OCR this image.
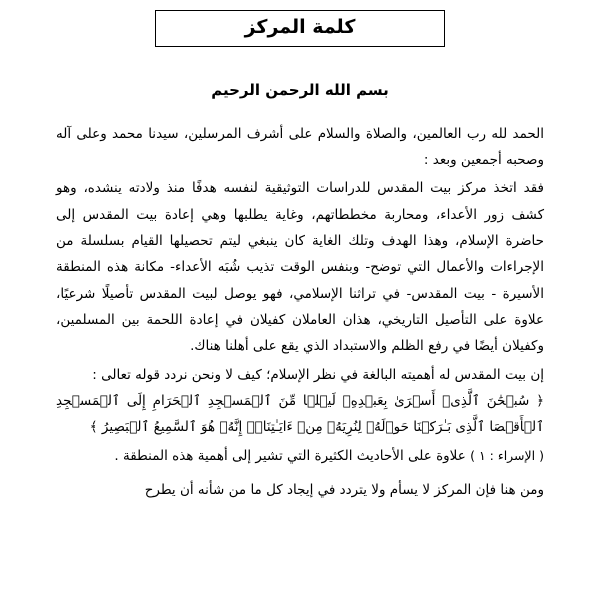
كلمة المركز
بسم الله الرحمن الرحيم

الحمد لله رب العالمين، والصلاة والسلام على أشرف المرسلين، سيدنا محمد وعلى آله وصحبه أجمعين وبعد :

فقد اتخذ مركز بيت المقدس للدراسات التوثيقية لنفسه هدفًا منذ ولادته ينشده، وهو كشف زور الأعداء، ومحاربة مخططاتهم، وغاية يطلبها وهي إعادة بيت المقدس إلى حاضرة الإسلام، وهذا الهدف وتلك الغاية كان ينبغي ليتم تحصيلها القيام بسلسلة من الإجراءات والأعمال التي توضح- وبنفس الوقت تذيب شُبَه الأعداء- مكانة هذه المنطقة الأسيرة - بيت المقدس- في تراثنا الإسلامي، فهو يوصل لبيت المقدس تأصيلًا شرعيًا، علاوة على التأصيل التاريخي، هذان العاملان كفيلان في إعادة اللحمة بين المسلمين، وكفيلان أيضًا في رفع الظلم والاستبداد الذي يقع على أهلنا هناك.

إن بيت المقدس له أهميته البالغة في نظر الإسلام؛ كيف لا ونحن نردد قوله تعالى :

﴿ سُبۡحَٰنَ ٱلَّذِیۤ أَسۡرَىٰ بِعَبۡدِهِۦ لَیۡلࣰا مِّنَ ٱلۡمَسۡجِدِ ٱلۡحَرَامِ إِلَى ٱلۡمَسۡجِدِ ٱلۡأَقۡصَا ٱلَّذِی بَـٰرَكۡنَا حَوۡلَهُۥ لِنُرِیَهُۥ مِنۡ ءَایَـٰتِنَاۤۚ إِنَّهُۥ هُوَ ٱلسَّمِیعُ ٱلۡبَصِیرُ ﴾

( الإسراء : ١ ) علاوة على الأحاديث الكثيرة التي تشير إلى أهمية هذه المنطقة .

ومن هنا فإن المركز لا يسأم ولا يتردد في إيجاد كل ما من شأنه أن يطرح
